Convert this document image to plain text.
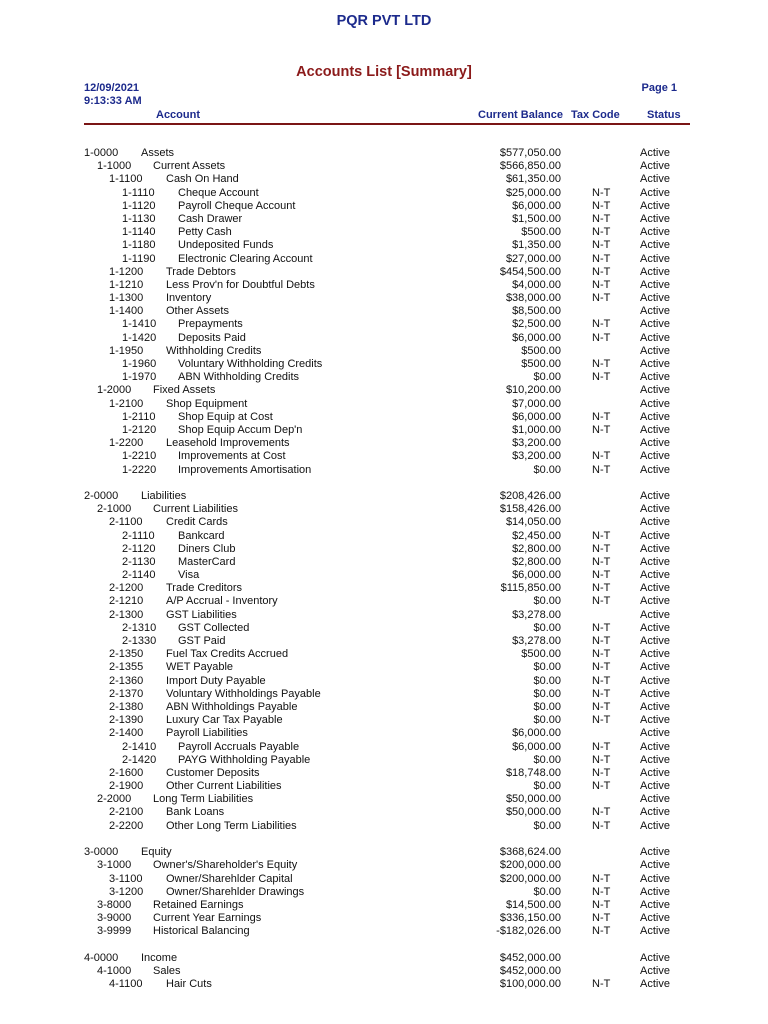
PQR PVT LTD
Accounts List [Summary]
12/09/2021
9:13:33 AM
Page 1
Account	Current Balance Tax Code Status
1-0000 Assets	$577,050.00	Active
1-1000 Current Assets	$566,850.00	Active
1-1100 Cash On Hand	$61,350.00	Active
1-1110 Cheque Account	$25,000.00	N-T	Active
1-1120 Payroll Cheque Account	$6,000.00	N-T	Active
1-1130 Cash Drawer	$1,500.00	N-T	Active
1-1140 Petty Cash	$500.00	N-T	Active
1-1180 Undeposited Funds	$1,350.00	N-T	Active
1-1190 Electronic Clearing Account	$27,000.00	N-T	Active
1-1200 Trade Debtors	$454,500.00	N-T	Active
1-1210 Less Prov'n for Doubtful Debts	$4,000.00	N-T	Active
1-1300 Inventory	$38,000.00	N-T	Active
1-1400 Other Assets	$8,500.00	Active
1-1410 Prepayments	$2,500.00	N-T	Active
1-1420 Deposits Paid	$6,000.00	N-T	Active
1-1950 Withholding Credits	$500.00	Active
1-1960 Voluntary Withholding Credits	$500.00	N-T	Active
1-1970 ABN Withholding Credits	$0.00	N-T	Active
1-2000 Fixed Assets	$10,200.00	Active
1-2100 Shop Equipment	$7,000.00	Active
1-2110 Shop Equip at Cost	$6,000.00	N-T	Active
1-2120 Shop Equip Accum Dep'n	$1,000.00	N-T	Active
1-2200 Leasehold Improvements	$3,200.00	Active
1-2210 Improvements at Cost	$3,200.00	N-T	Active
1-2220 Improvements Amortisation	$0.00	N-T	Active
2-0000 Liabilities	$208,426.00	Active
2-1000 Current Liabilities	$158,426.00	Active
2-1100 Credit Cards	$14,050.00	Active
2-1110 Bankcard	$2,450.00	N-T	Active
2-1120 Diners Club	$2,800.00	N-T	Active
2-1130 MasterCard	$2,800.00	N-T	Active
2-1140 Visa	$6,000.00	N-T	Active
2-1200 Trade Creditors	$115,850.00	N-T	Active
2-1210 A/P Accrual - Inventory	$0.00	N-T	Active
2-1300 GST Liabilities	$3,278.00	Active
2-1310 GST Collected	$0.00	N-T	Active
2-1330 GST Paid	$3,278.00	N-T	Active
2-1350 Fuel Tax Credits Accrued	$500.00	N-T	Active
2-1355 WET Payable	$0.00	N-T	Active
2-1360 Import Duty Payable	$0.00	N-T	Active
2-1370 Voluntary Withholdings Payable	$0.00	N-T	Active
2-1380 ABN Withholdings Payable	$0.00	N-T	Active
2-1390 Luxury Car Tax Payable	$0.00	N-T	Active
2-1400 Payroll Liabilities	$6,000.00	Active
2-1410 Payroll Accruals Payable	$6,000.00	N-T	Active
2-1420 PAYG Withholding Payable	$0.00	N-T	Active
2-1600 Customer Deposits	$18,748.00	N-T	Active
2-1900 Other Current Liabilities	$0.00	N-T	Active
2-2000 Long Term Liabilities	$50,000.00	Active
2-2100 Bank Loans	$50,000.00	N-T	Active
2-2200 Other Long Term Liabilities	$0.00	N-T	Active
3-0000 Equity	$368,624.00	Active
3-1000 Owner's/Shareholder's Equity	$200,000.00	Active
3-1100 Owner/Sharehlder Capital	$200,000.00	N-T	Active
3-1200 Owner/Sharehlder Drawings	$0.00	N-T	Active
3-8000 Retained Earnings	$14,500.00	N-T	Active
3-9000 Current Year Earnings	$336,150.00	N-T	Active
3-9999 Historical Balancing	-$182,026.00	N-T	Active
4-0000 Income	$452,000.00	Active
4-1000 Sales	$452,000.00	Active
4-1100 Hair Cuts	$100,000.00	N-T	Active
